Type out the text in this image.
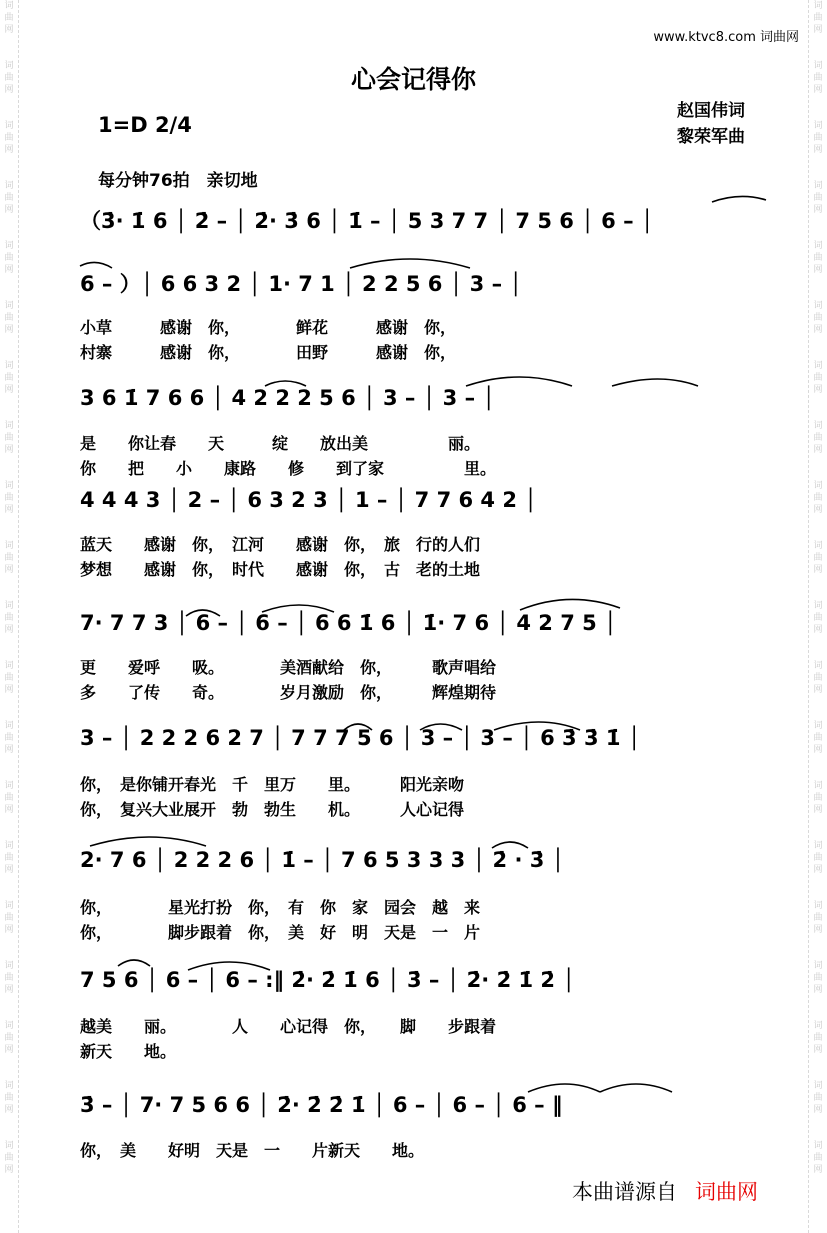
词
曲
网
词
曲
网
词
曲
网
词
曲
网
词
曲
网
词
曲
网
词
曲
网
词
曲
网
词
曲
网
词
曲
网
词
曲
网
词
曲
网
词
曲
网
词
曲
网
词
曲
网
词
曲
网
词
曲
网
词
曲
网
词
曲
网
词
曲
网
词
曲
网
词
曲
网
词
曲
网
词
曲
网
词
曲
网
词
曲
网
词
曲
网
词
曲
网
词
曲
网
词
曲
网
词
曲
网
词
曲
网
词
曲
网
词
曲
网
词
曲
网
词
曲
网
词
曲
网
词
曲
网
词
曲
网
词
曲
网
www.ktvc8.com 词曲网
心会记得你
1=D 2/4
赵国伟词
黎荣军曲
每分钟76拍　亲切地
（3̇· 1̇ 6 │ 2̇ – │ 2̇· 3̇ 6 │ 1̇ – │ 5 3 7 7 │ 7 5 6 │ 6 – │
6 – ）│ 6 6 3 2 │ 1· 7 1 │ 2 2 5 6 │ 3 – │
小草　　　感谢　你，　　　　鲜花　　　感谢　你，
村寨　　　感谢　你，　　　　田野　　　感谢　你，
3 6 1̇ 7 6 6 │ 4 2 2 2 5 6 │ 3 – │ 3 – │
是　　你让春　　天　　　绽　　放出美　　　　　丽。
你　　把　　小　　康路　　修　　到了家　　　　　里。
4 4 4 3 │ 2 – │ 6 3 2 3 │ 1 – │ 7 7 6 4 2 │
蓝天　　感谢　你，　江河　　感谢　你，　旅　行的人们
梦想　　感谢　你，　时代　　感谢　你，　古　老的土地
7· 7 7 3 │ 6 – │ 6 – │ 6 6 1̇ 6 │ 1̇· 7 6 │ 4 2 7 5 │
更　　爱呼　　吸。　　　　美酒献给　你，　　　歌声唱给
多　　了传　　奇。　　　　岁月激励　你，　　　辉煌期待
3 – │ 2 2 2 6 2 7 │ 7 7 7 5 6 │ 3 – │ 3 – │ 6 3̇ 3̇ 1̇ │
你，　是你铺开春光　千　里万　　里。　　　阳光亲吻
你，　复兴大业展开　勃　勃生　　机。　　　人心记得
2· 7 6 │ 2 2 2 6 │ 1̇ – │ 7 6 5 3 3 3 │ 2̇ · 3̇ │
你，　　　　星光打扮　你，　有　你　家　园会　越　来
你，　　　　脚步跟着　你，　美　好　明　天是　一　片
7 5 6 │ 6 – │ 6 – :‖ 2̇· 2̇ 1̇ 6 │ 3̇ – │ 2̇· 2̇ 1̇ 2̇ │
越美　　丽。　　　　人　　心记得　你，　　脚　　步跟着
新天　　地。
3̇ – │ 7· 7 5 6 6 │ 2̇· 2̇ 2̇ 1̇ │ 6 – │ 6 – │ 6 – ‖
你，　美　　好明　天是　一　　片新天　　地。
本曲谱源自 词曲网
